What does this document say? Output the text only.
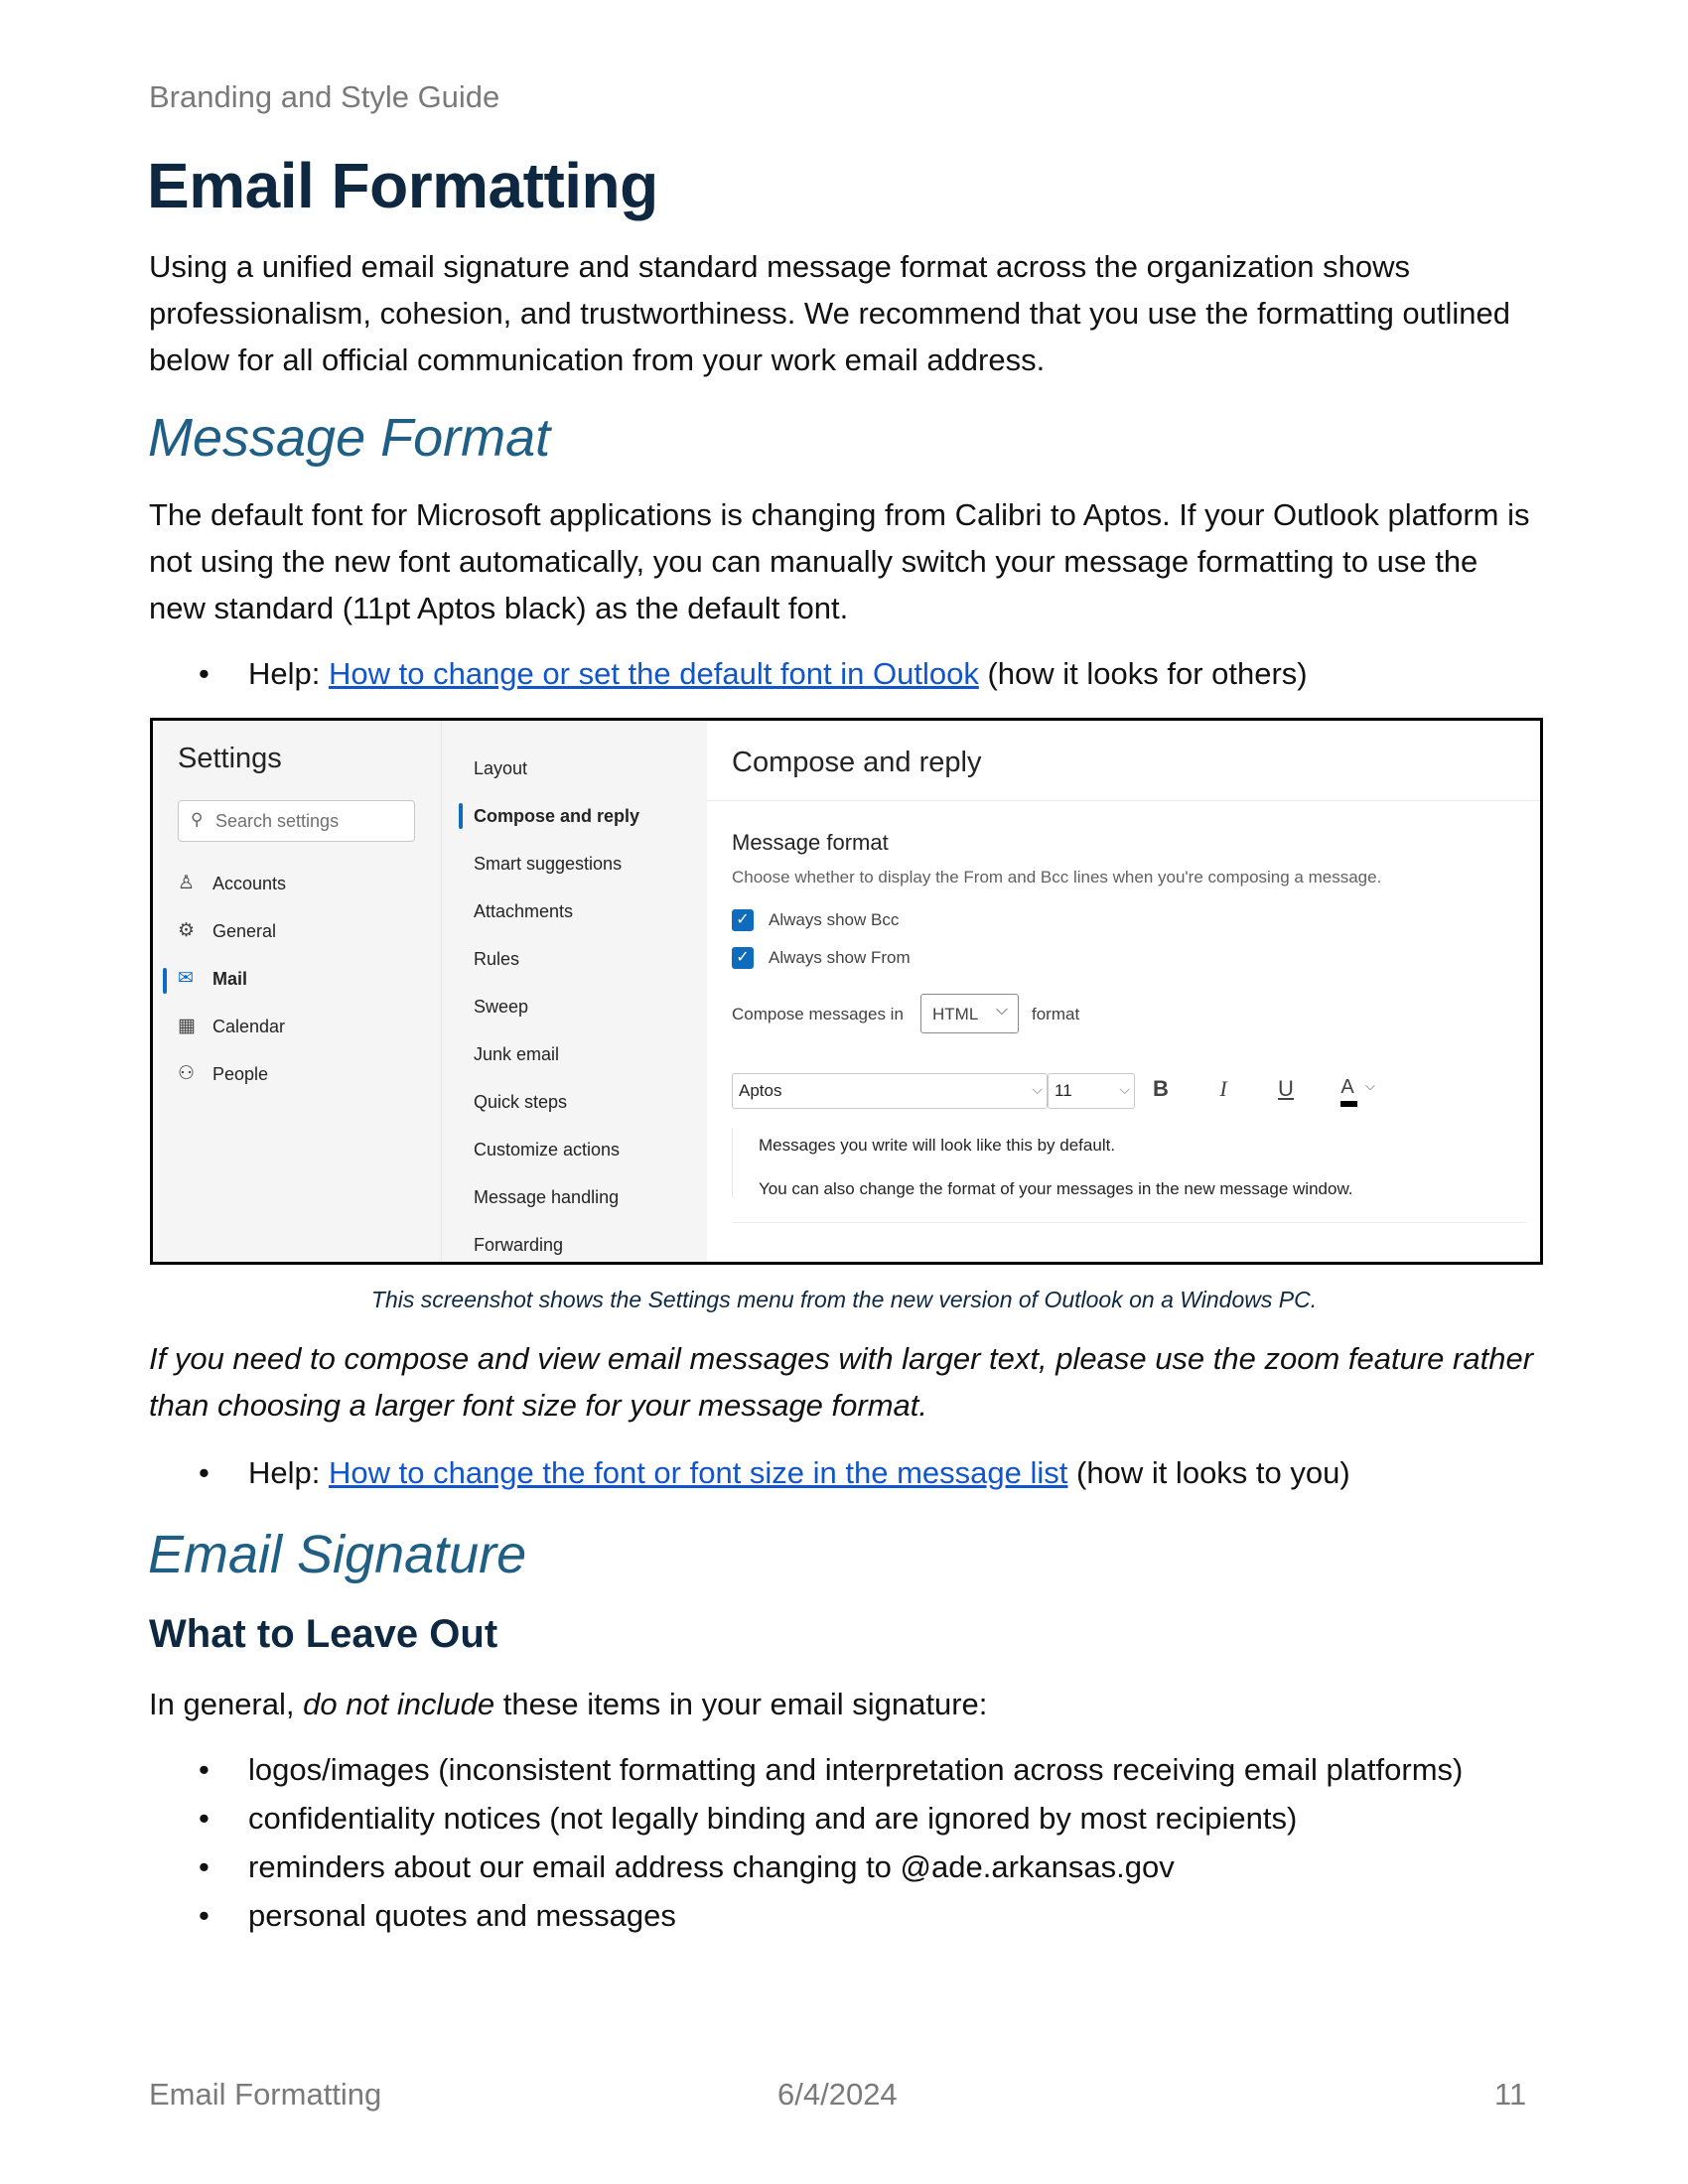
Branding and Style Guide
Email Formatting

Using a unified email signature and standard message format across the organization shows professionalism, cohesion, and trustworthiness. We recommend that you use the formatting outlined below for all official communication from your work email address.

Message Format

The default font for Microsoft applications is changing from Calibri to Aptos. If your Outlook platform is not using the new font automatically, you can manually switch your message formatting to use the new standard (11pt Aptos black) as the default font.

•	Help: How to change or set the default font in Outlook (how it looks for others)
Settings
⚲ Search settings
♙ Accounts
⚙ General
✉	Mail
▦ Calendar
⚇ People
Layout
Compose and reply
Smart suggestions
Attachments
Rules
Sweep
Junk email
Quick steps
Customize actions
Message handling
Forwarding
Compose and reply
Message format
Choose whether to display the From and Bcc lines when you're composing a message.
✓ Always show Bcc
✓ Always show From
Compose messages in HTML ⌵ format
Aptos	⌵ 11	⌵	B	I	U	A ⌵
Messages you write will look like this by default.
You can also change the format of your messages in the new message window.
This screenshot shows the Settings menu from the new version of Outlook on a Windows PC.

If you need to compose and view email messages with larger text, please use the zoom feature rather than choosing a larger font size for your message format.

•	Help: How to change the font or font size in the message list (how it looks to you)
Email Signature
What to Leave Out

In general, do not include these items in your email signature:

•	logos/images (inconsistent formatting and interpretation across receiving email platforms)
•	confidentiality notices (not legally binding and are ignored by most recipients)
•	reminders about our email address changing to @ade.arkansas.gov
•	personal quotes and messages
Email Formatting	6/4/2024	11
